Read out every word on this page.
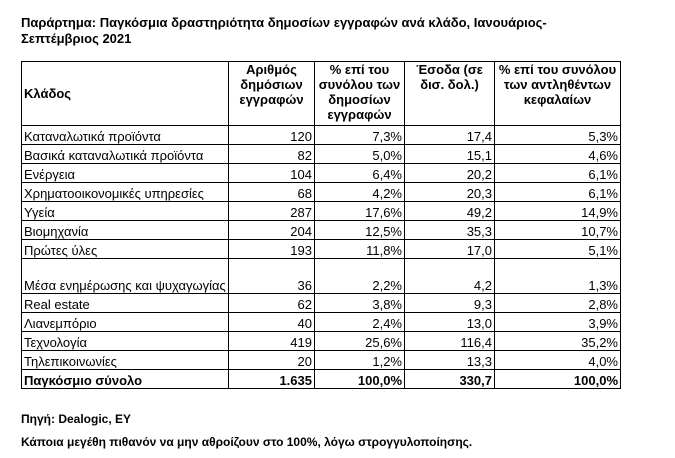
Παράρτημα: Παγκόσμια δραστηριότητα δημοσίων εγγραφών ανά κλάδο, Ιανουάριος-Σεπτέμβριος 2021
Κλάδος	Αριθμός δημόσιων εγγραφών	% επί του συνόλου των δημοσίων εγγραφών	Έσοδα (σε δισ. δολ.)	% επί του συνόλου των αντληθέντων κεφαλαίων
Καταναλωτικά προϊόντα	120	7,3%	17,4	5,3%
Βασικά καταναλωτικά προϊόντα	82	5,0%	15,1	4,6%
Ενέργεια	104	6,4%	20,2	6,1%
Χρηματοοικονομικές υπηρεσίες	68	4,2%	20,3	6,1%
Υγεία	287	17,6%	49,2	14,9%
Βιομηχανία	204	12,5%	35,3	10,7%
Πρώτες ύλες	193	11,8%	17,0	5,1%
Μέσα ενημέρωσης και ψυχαγωγίας	36	2,2%	4,2	1,3%
Real estate	62	3,8%	9,3	2,8%
Λιανεμπόριο	40	2,4%	13,0	3,9%
Τεχνολογία	419	25,6%	116,4	35,2%
Τηλεπικοινωνίες	20	1,2%	13,3	4,0%
Παγκόσμιο σύνολο	1.635	100,0%	330,7	100,0%
Πηγή: Dealogic, EY
Κάποια μεγέθη πιθανόν να μην αθροίζουν στο 100%, λόγω στρογγυλοποίησης.
